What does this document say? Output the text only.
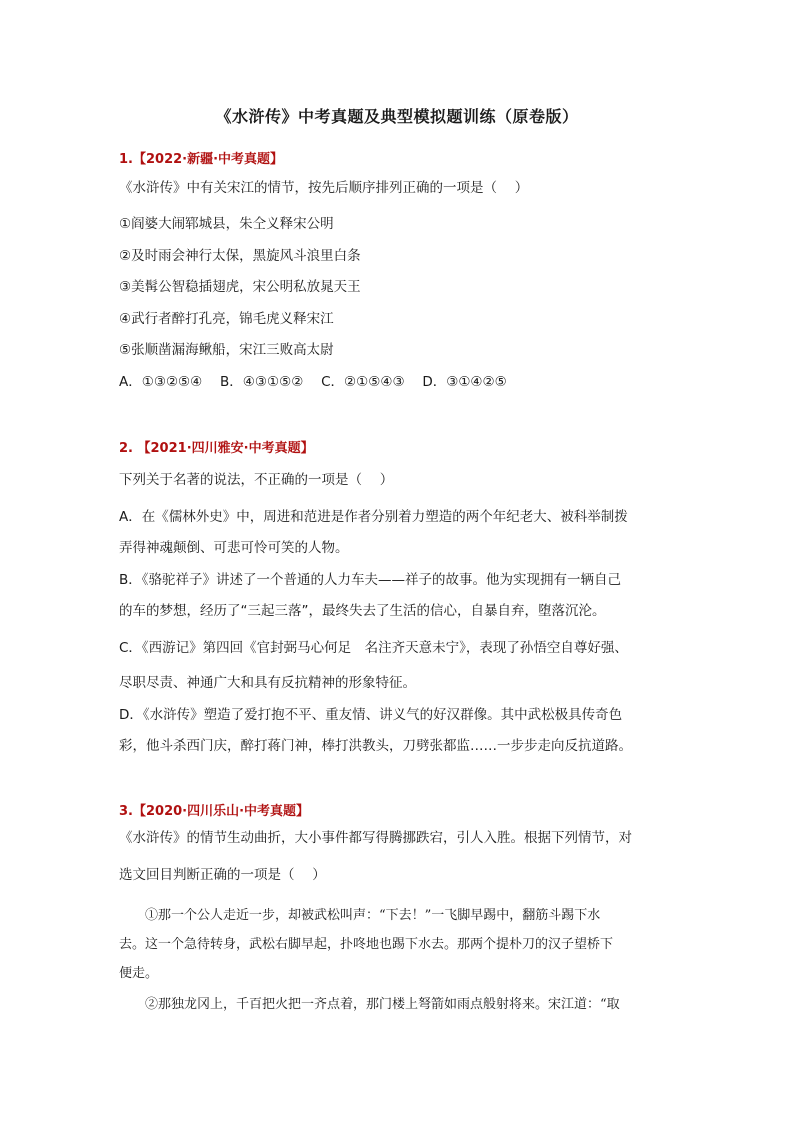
《水浒传》中考真题及典型模拟题训练（原卷版）
1.【2022·新疆·中考真题】
《水浒传》中有关宋江的情节，按先后顺序排列正确的一项是（　 ）
①阎婆大闹郓城县，朱仝义释宋公明
②及时雨会神行太保，黑旋风斗浪里白条
③美髯公智稳插翅虎，宋公明私放晁天王
④武行者醉打孔亮，锦毛虎义释宋江
⑤张顺凿漏海鳅船，宋江三败高太尉
A．①③②⑤④　 B．④③①⑤②　 C．②①⑤④③　 D．③①④②⑤
2. 【2021·四川雅安·中考真题】
下列关于名著的说法，不正确的一项是（　 ）
A．在《儒林外史》中，周进和范进是作者分别着力塑造的两个年纪老大、被科举制拨
弄得神魂颠倒、可悲可怜可笑的人物。
B．《骆驼祥子》讲述了一个普通的人力车夫——祥子的故事。他为实现拥有一辆自己
的车的梦想，经历了“三起三落”，最终失去了生活的信心，自暴自弃，堕落沉沦。
C．《西游记》第四回《官封弼马心何足　名注齐天意未宁》，表现了孙悟空自尊好强、
尽职尽责、神通广大和具有反抗精神的形象特征。
D．《水浒传》塑造了爱打抱不平、重友情、讲义气的好汉群像。其中武松极具传奇色
彩，他斗杀西门庆，醉打蒋门神，棒打洪教头，刀劈张都监……一步步走向反抗道路。
3.【2020·四川乐山·中考真题】
《水浒传》的情节生动曲折，大小事件都写得腾挪跌宕，引人入胜。根据下列情节，对
选文回目判断正确的一项是（　 ）
　　①那一个公人走近一步，却被武松叫声：“下去！”一飞脚早踢中，翻筋斗踢下水
去。这一个急待转身，武松右脚早起，扑咚地也踢下水去。那两个提朴刀的汉子望桥下
便走。
　　②那独龙冈上，千百把火把一齐点着，那门楼上弩箭如雨点般射将来。宋江道：“取
